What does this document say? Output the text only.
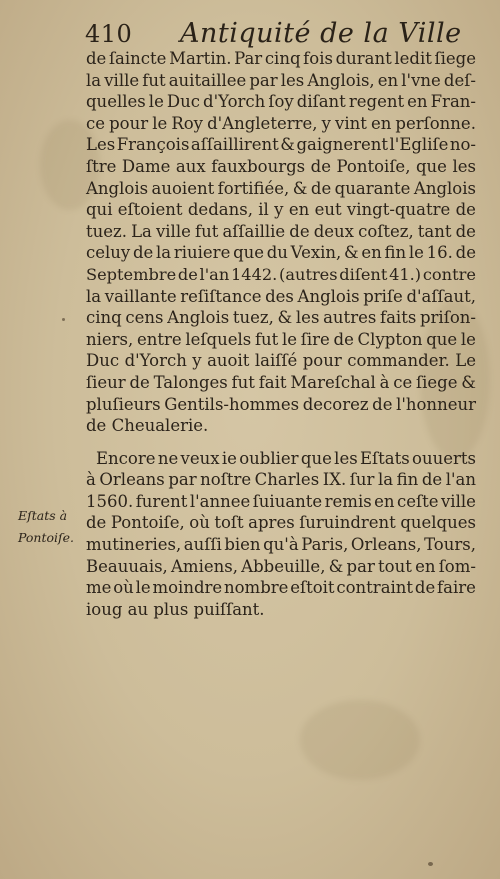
410 Antiquité de la Ville
de ſaincte Martin. Par cinq fois durant ledit ſiege
la ville fut auitaillee par les Anglois, en l'vne deſ-
quelles le Duc d'Yorch ſoy diſant regent en Fran-
ce pour le Roy d'Angleterre, y vint en perſonne.
Les François aſſaillirent & gaignerent l'Egliſe no-
ſtre Dame aux fauxbourgs de Pontoiſe, que les
Anglois auoient fortifiée, & de quarante Anglois
qui eſtoient dedans, il y en eut vingt-quatre de
tuez. La ville fut aſſaillie de deux coſtez, tant de
celuy de la riuiere que du Vexin, & en fin le 16. de
Septembre de l'an 1442. (autres diſent 41.) contre
la vaillante reſiſtance des Anglois priſe d'aſſaut,
cinq cens Anglois tuez, & les autres faits priſon-
niers, entre leſquels fut le ſire de Clypton que le
Duc d'Yorch y auoit laiſſé pour commander. Le
ſieur de Talonges fut fait Mareſchal à ce ſiege &
pluſieurs Gentils-hommes decorez de l'honneur
de Cheualerie.
Encore ne veux ie oublier que les Eſtats ouuerts
à Orleans par noſtre Charles IX. ſur la fin de l'an
1560. furent l'annee ſuiuante remis en ceſte ville
de Pontoiſe, où toſt apres ſuruindrent quelques
mutineries, auſſi bien qu'à Paris, Orleans, Tours,
Beauuais, Amiens, Abbeuille, & par tout en ſom-
me où le moindre nombre eſtoit contraint de faire
ioug au plus puiſſant.
Eſtats à
Pontoiſe.
